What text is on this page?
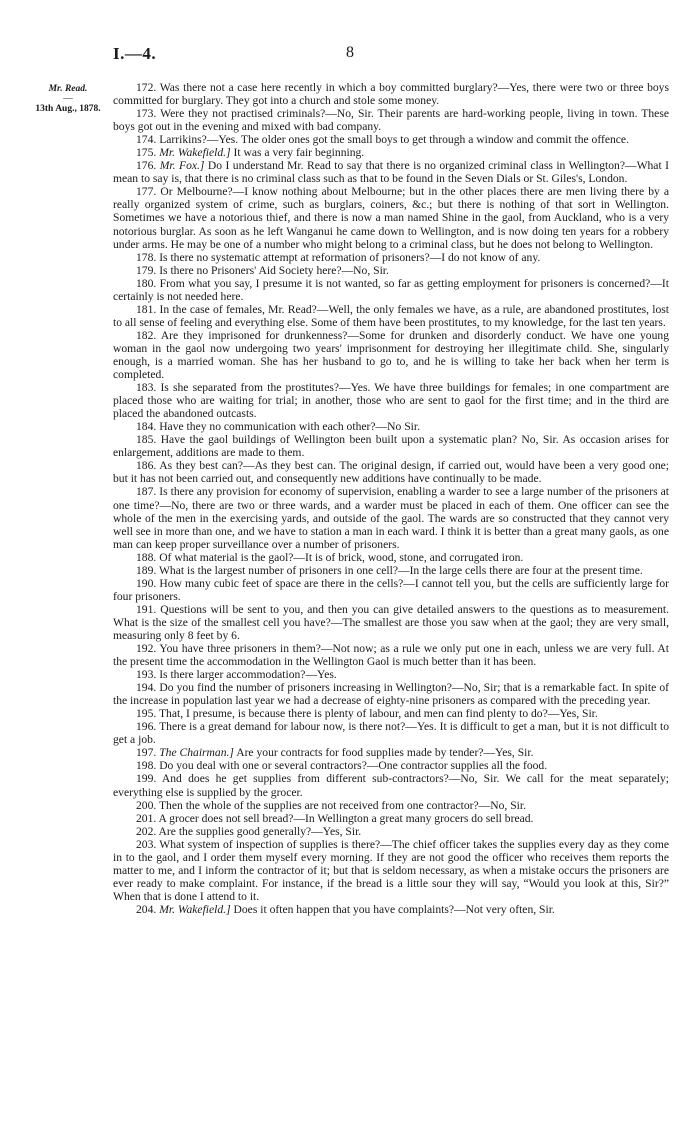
I.—4.	8
Mr. Read.
—
13th Aug., 1878.

172. Was there not a case here recently in which a boy committed burglary?—Yes, there were two or three boys committed for burglary. They got into a church and stole some money.

173. Were they not practised criminals?—No, Sir. Their parents are hard-working people, living in town. These boys got out in the evening and mixed with bad company.

174. Larrikins?—Yes. The older ones got the small boys to get through a window and commit the offence.

175. Mr. Wakefield.] It was a very fair beginning.

176. Mr. Fox.] Do I understand Mr. Read to say that there is no organized criminal class in Wellington?—What I mean to say is, that there is no criminal class such as that to be found in the Seven Dials or St. Giles's, London.

177. Or Melbourne?—I know nothing about Melbourne; but in the other places there are men living there by a really organized system of crime, such as burglars, coiners, &c.; but there is nothing of that sort in Wellington. Sometimes we have a notorious thief, and there is now a man named Shine in the gaol, from Auckland, who is a very notorious burglar. As soon as he left Wanganui he came down to Wellington, and is now doing ten years for a robbery under arms. He may be one of a number who might belong to a criminal class, but he does not belong to Wellington.

178. Is there no systematic attempt at reformation of prisoners?—I do not know of any.

179. Is there no Prisoners' Aid Society here?—No, Sir.

180. From what you say, I presume it is not wanted, so far as getting employment for prisoners is concerned?—It certainly is not needed here.

181. In the case of females, Mr. Read?—Well, the only females we have, as a rule, are abandoned prostitutes, lost to all sense of feeling and everything else. Some of them have been prostitutes, to my knowledge, for the last ten years.

182. Are they imprisoned for drunkenness?—Some for drunken and disorderly conduct. We have one young woman in the gaol now undergoing two years' imprisonment for destroying her illegitimate child. She, singularly enough, is a married woman. She has her husband to go to, and he is willing to take her back when her term is completed.

183. Is she separated from the prostitutes?—Yes. We have three buildings for females; in one compartment are placed those who are waiting for trial; in another, those who are sent to gaol for the first time; and in the third are placed the abandoned outcasts.

184. Have they no communication with each other?—No Sir.

185. Have the gaol buildings of Wellington been built upon a systematic plan? No, Sir. As occasion arises for enlargement, additions are made to them.

186. As they best can?—As they best can. The original design, if carried out, would have been a very good one; but it has not been carried out, and consequently new additions have continually to be made.

187. Is there any provision for economy of supervision, enabling a warder to see a large number of the prisoners at one time?—No, there are two or three wards, and a warder must be placed in each of them. One officer can see the whole of the men in the exercising yards, and outside of the gaol. The wards are so constructed that they cannot very well see in more than one, and we have to station a man in each ward. I think it is better than a great many gaols, as one man can keep proper surveillance over a number of prisoners.

188. Of what material is the gaol?—It is of brick, wood, stone, and corrugated iron.

189. What is the largest number of prisoners in one cell?—In the large cells there are four at the present time.

190. How many cubic feet of space are there in the cells?—I cannot tell you, but the cells are sufficiently large for four prisoners.

191. Questions will be sent to you, and then you can give detailed answers to the questions as to measurement. What is the size of the smallest cell you have?—The smallest are those you saw when at the gaol; they are very small, measuring only 8 feet by 6.

192. You have three prisoners in them?—Not now; as a rule we only put one in each, unless we are very full. At the present time the accommodation in the Wellington Gaol is much better than it has been.

193. Is there larger accommodation?—Yes.

194. Do you find the number of prisoners increasing in Wellington?—No, Sir; that is a remarkable fact. In spite of the increase in population last year we had a decrease of eighty-nine prisoners as compared with the preceding year.

195. That, I presume, is because there is plenty of labour, and men can find plenty to do?—Yes, Sir.

196. There is a great demand for labour now, is there not?—Yes. It is difficult to get a man, but it is not difficult to get a job.

197. The Chairman.] Are your contracts for food supplies made by tender?—Yes, Sir.

198. Do you deal with one or several contractors?—One contractor supplies all the food.

199. And does he get supplies from different sub-contractors?—No, Sir. We call for the meat separately; everything else is supplied by the grocer.

200. Then the whole of the supplies are not received from one contractor?—No, Sir.

201. A grocer does not sell bread?—In Wellington a great many grocers do sell bread.

202. Are the supplies good generally?—Yes, Sir.

203. What system of inspection of supplies is there?—The chief officer takes the supplies every day as they come in to the gaol, and I order them myself every morning. If they are not good the officer who receives them reports the matter to me, and I inform the contractor of it; but that is seldom necessary, as when a mistake occurs the prisoners are ever ready to make complaint. For instance, if the bread is a little sour they will say, “Would you look at this, Sir?” When that is done I attend to it.

204. Mr. Wakefield.] Does it often happen that you have complaints?—Not very often, Sir.
